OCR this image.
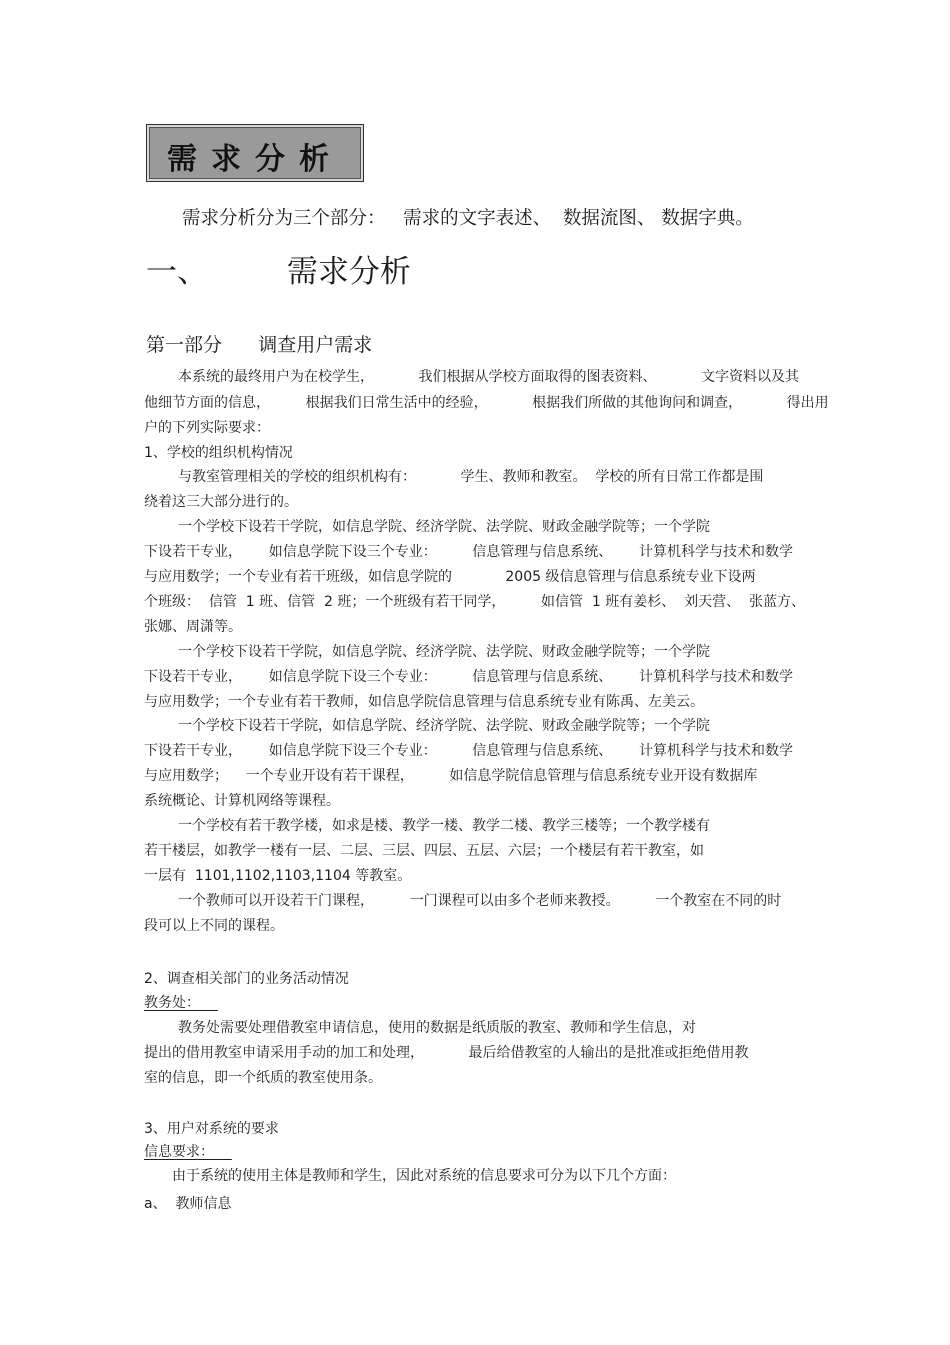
需求分析
需求分析分为三个部分：   需求的文字表述、  数据流图、 数据字典。
一、        需求分析
第一部分      调查用户需求
本系统的最终用户为在校学生，          我们根据从学校方面取得的图表资料、          文字资料以及其
他细节方面的信息，        根据我们日常生活中的经验，          根据我们所做的其他询问和调查，          得出用
户的下列实际要求：
1、学校的组织机构情况
与教室管理相关的学校的组织机构有：          学生、教师和教室。  学校的所有日常工作都是围
绕着这三大部分进行的。
一个学校下设若干学院，如信息学院、经济学院、法学院、财政金融学院等；一个学院
下设若干专业，      如信息学院下设三个专业：        信息管理与信息系统、      计算机科学与技术和数学
与应用数学；一个专业有若干班级，如信息学院的            2005 级信息管理与信息系统专业下设两
个班级：  信管  1 班、信管  2 班；一个班级有若干同学，        如信管  1 班有姜杉、  刘天营、  张蓝方、
张娜、周潇等。
一个学校下设若干学院，如信息学院、经济学院、法学院、财政金融学院等；一个学院
下设若干专业，      如信息学院下设三个专业：        信息管理与信息系统、      计算机科学与技术和数学
与应用数学；一个专业有若干教师，如信息学院信息管理与信息系统专业有陈禹、左美云。
一个学校下设若干学院，如信息学院、经济学院、法学院、财政金融学院等；一个学院
下设若干专业，      如信息学院下设三个专业：        信息管理与信息系统、      计算机科学与技术和数学
与应用数学；    一个专业开设有若干课程，        如信息学院信息管理与信息系统专业开设有数据库
系统概论、计算机网络等课程。
一个学校有若干教学楼，如求是楼、教学一楼、教学二楼、教学三楼等；一个教学楼有
若干楼层，如教学一楼有一层、二层、三层、四层、五层、六层；一个楼层有若干教室，如
一层有  1101,1102,1103,1104 等教室。
一个教师可以开设若干门课程，        一门课程可以由多个老师来教授。        一个教室在不同的时
段可以上不同的课程。
2、调查相关部门的业务活动情况
教务处：
教务处需要处理借教室申请信息，使用的数据是纸质版的教室、教师和学生信息，对
提出的借用教室申请采用手动的加工和处理，          最后给借教室的人输出的是批准或拒绝借用教
室的信息，即一个纸质的教室使用条。
3、用户对系统的要求
信息要求：
由于系统的使用主体是教师和学生，因此对系统的信息要求可分为以下几个方面：
a、  教师信息
